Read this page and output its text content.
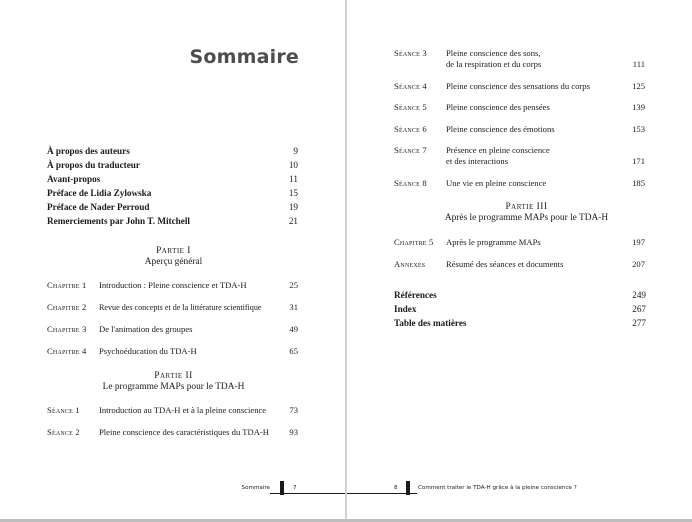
Sommaire
À propos des auteurs	9
À propos du traducteur	10
Avant-propos	11
Préface de Lidia Zylowska	15
Préface de Nader Perroud	19
Remerciements par John T. Mitchell	21
Partie I
Aperçu général
Chapitre 1 Introduction : Pleine conscience et TDA-H	25
Chapitre 2 Revue des concepts et de la littérature scientifique	31
Chapitre 3 De l'animation des groupes	49
Chapitre 4 Psychoéducation du TDA-H	65
Partie II
Le programme MAPs pour le TDA-H
Séance 1 Introduction au TDA-H et à la pleine conscience	73
Séance 2 Pleine conscience des caractéristiques du TDA-H 93
Sommaire	7
Séance 3 Pleine conscience des sons,
de la respiration et du corps	111
Séance 4 Pleine conscience des sensations du corps	125
Séance 5 Pleine conscience des pensées	139
Séance 6 Pleine conscience des émotions	153
Séance 7 Présence en pleine conscience
et des interactions	171
Séance 8 Une vie en pleine conscience	185
Partie III
Après le programme MAPs pour le TDA-H
Chapitre 5 Après le programme MAPs	197
Annexes Résumé des séances et documents	207
Références	249
Index	267
Table des matières	277
8	Comment traiter le TDA-H grâce à la pleine conscience ?
